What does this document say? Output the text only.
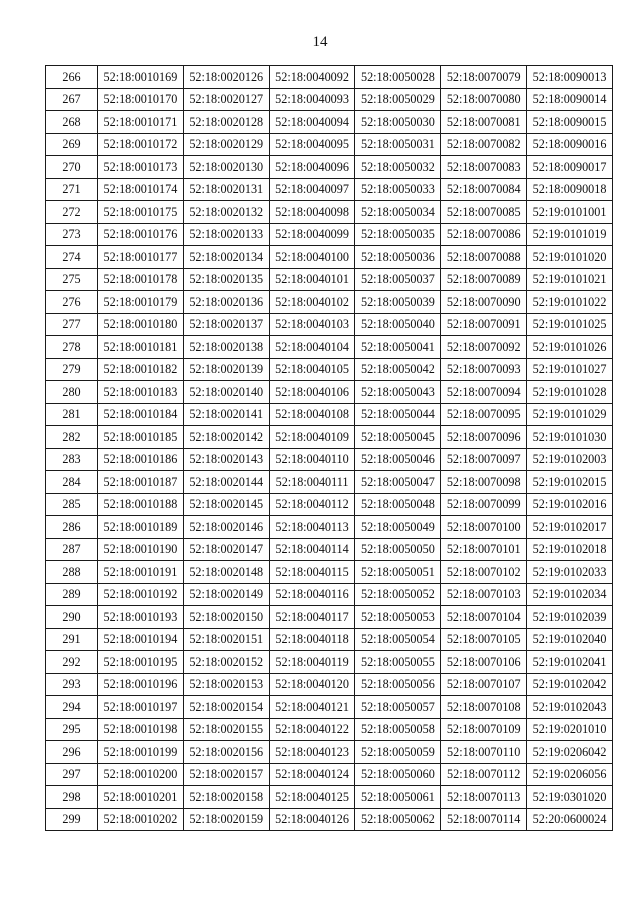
14
266	52:18:0010169	52:18:0020126	52:18:0040092	52:18:0050028	52:18:0070079	52:18:0090013
267	52:18:0010170	52:18:0020127	52:18:0040093	52:18:0050029	52:18:0070080	52:18:0090014
268	52:18:0010171	52:18:0020128	52:18:0040094	52:18:0050030	52:18:0070081	52:18:0090015
269	52:18:0010172	52:18:0020129	52:18:0040095	52:18:0050031	52:18:0070082	52:18:0090016
270	52:18:0010173	52:18:0020130	52:18:0040096	52:18:0050032	52:18:0070083	52:18:0090017
271	52:18:0010174	52:18:0020131	52:18:0040097	52:18:0050033	52:18:0070084	52:18:0090018
272	52:18:0010175	52:18:0020132	52:18:0040098	52:18:0050034	52:18:0070085	52:19:0101001
273	52:18:0010176	52:18:0020133	52:18:0040099	52:18:0050035	52:18:0070086	52:19:0101019
274	52:18:0010177	52:18:0020134	52:18:0040100	52:18:0050036	52:18:0070088	52:19:0101020
275	52:18:0010178	52:18:0020135	52:18:0040101	52:18:0050037	52:18:0070089	52:19:0101021
276	52:18:0010179	52:18:0020136	52:18:0040102	52:18:0050039	52:18:0070090	52:19:0101022
277	52:18:0010180	52:18:0020137	52:18:0040103	52:18:0050040	52:18:0070091	52:19:0101025
278	52:18:0010181	52:18:0020138	52:18:0040104	52:18:0050041	52:18:0070092	52:19:0101026
279	52:18:0010182	52:18:0020139	52:18:0040105	52:18:0050042	52:18:0070093	52:19:0101027
280	52:18:0010183	52:18:0020140	52:18:0040106	52:18:0050043	52:18:0070094	52:19:0101028
281	52:18:0010184	52:18:0020141	52:18:0040108	52:18:0050044	52:18:0070095	52:19:0101029
282	52:18:0010185	52:18:0020142	52:18:0040109	52:18:0050045	52:18:0070096	52:19:0101030
283	52:18:0010186	52:18:0020143	52:18:0040110	52:18:0050046	52:18:0070097	52:19:0102003
284	52:18:0010187	52:18:0020144	52:18:0040111	52:18:0050047	52:18:0070098	52:19:0102015
285	52:18:0010188	52:18:0020145	52:18:0040112	52:18:0050048	52:18:0070099	52:19:0102016
286	52:18:0010189	52:18:0020146	52:18:0040113	52:18:0050049	52:18:0070100	52:19:0102017
287	52:18:0010190	52:18:0020147	52:18:0040114	52:18:0050050	52:18:0070101	52:19:0102018
288	52:18:0010191	52:18:0020148	52:18:0040115	52:18:0050051	52:18:0070102	52:19:0102033
289	52:18:0010192	52:18:0020149	52:18:0040116	52:18:0050052	52:18:0070103	52:19:0102034
290	52:18:0010193	52:18:0020150	52:18:0040117	52:18:0050053	52:18:0070104	52:19:0102039
291	52:18:0010194	52:18:0020151	52:18:0040118	52:18:0050054	52:18:0070105	52:19:0102040
292	52:18:0010195	52:18:0020152	52:18:0040119	52:18:0050055	52:18:0070106	52:19:0102041
293	52:18:0010196	52:18:0020153	52:18:0040120	52:18:0050056	52:18:0070107	52:19:0102042
294	52:18:0010197	52:18:0020154	52:18:0040121	52:18:0050057	52:18:0070108	52:19:0102043
295	52:18:0010198	52:18:0020155	52:18:0040122	52:18:0050058	52:18:0070109	52:19:0201010
296	52:18:0010199	52:18:0020156	52:18:0040123	52:18:0050059	52:18:0070110	52:19:0206042
297	52:18:0010200	52:18:0020157	52:18:0040124	52:18:0050060	52:18:0070112	52:19:0206056
298	52:18:0010201	52:18:0020158	52:18:0040125	52:18:0050061	52:18:0070113	52:19:0301020
299	52:18:0010202	52:18:0020159	52:18:0040126	52:18:0050062	52:18:0070114	52:20:0600024
